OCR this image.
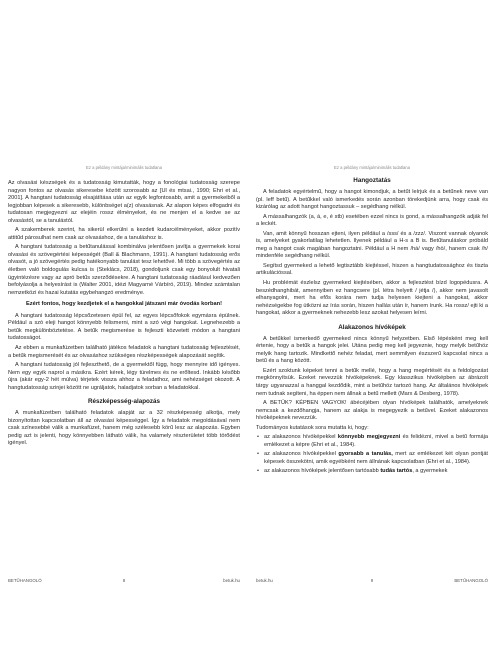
Ez a példány mintája/minimális tudatlana

Az olvasási készségek és a tudatosság kimutatták, hogy a fonológiai tudatosság szerepe nagyon fontos az olvasás sikeresebe között szorosabb az [Ul és mtsai., 1990; Ehri et al., 2001]. A hangtani tudatosság elsajátítása után az egyik legfontosabb, amit a gyermekeiből a legjobban képesek a sikeresebb, különbséget a(z) olvasásnak. Az alapon képes elfogadni és tudatosan megjegyezni az elejéin rossz élményeket, és ne menjen el a kedve se az olvasástól, se a tanulástól.

A szakemberek szerint, ha sikerül elkerülni a kezdeti kudarcélményeket, akkor pozitív attitűd párosulhat nem csak az olvasáshoz, de a tanuláshoz is.

A hangtani tudatosság a betűtanulással kombinálva jelentősen javítja a gyermekek korai olvasási és szövegértési képességét (Ball & Blachmann, 1991). A hangtani tudatosság erős olvasót, a jó szövegértés pedig hatékonyabb tanulást tesz lehetővé. Mi több a szövegértés az életben való boldogulás kulcsa is (Steklács, 2018), gondoljunk csak egy bonyolult hivatali ügyintézésre vagy az apró betűs szerződésekre. A hangtani tudatosság ráadásul kedvezően befolyásolja a helyesírást is (Walter 2001, idézi Magyarné Várbíró, 2019). Mindez számtalan nemzetközi és hazai kutatás egybehangzó eredménye.

Ezért fontos, hogy kezdjetek el a hangokkal játszani már óvodás korban!

A hangtani tudatosság lépcsőzetesen épül fel, az egyes lépcsőfokok egymásra épülnek. Például a szó eleji hangot könnyebb felismerni, mint a szó végi hangokat. Legnehezebb a betűk megkülönböztetése. A betűk megismerése is fejleszti közvetett módon a hangtani tudatosságot.

Az ebben a munkafüzetben található játékos feladatok a hangtani tudatosság fejlesztését, a betűk megismerését és az olvasáshoz szükséges részképességek alapozását segítik.

A hangtani tudatosság jól fejleszthető, de a gyermektől függ, hogy mennyire idő igényes. Nem egy egyik naprol a másikra. Ezért kérek, légy türelmes és ne erőltesd. Inkább később újra (akár egy-2 hét múlva) térjetek vissza ahhoz a feladathoz, ami nehézséget okozott. A hangtudatosság szinjei között ne ugráljatok, haladjatok sorban a feladatokkal.

Részképesség-alapozás

A munkafüzetben található feladatok alapját az a 32 részképesség alkotja, mely bizonyítottan kapcsolatban áll az olvasási képességgel. Így a feladatok megoldásával nem csak színesebbé válik a munkafüzet, hanem még szélesebb körű lesz az alapozás. Egyben pedig azt is jelenti, hogy könnyebben látható válik, ha valamely részterületet több törődést igényel.

BETŰHANGOLÓ	8	betuk.hu
Ez a példány mintája/minimális tudatlana
Hangoztatás

A feladatok egyértelmű, hogy a hangot kimondjuk, a betűt leírjuk és a betűnek neve van (pl. leff betű). A betűkkel való ismerkedés során azonban törekedjünk arra, hogy csak és kizárólag az adott hangot hangoztassuk – segédhang nélkül.

A mássalhangzók (a, á, e, é stb) esetében ezzel nincs is gond, a mássalhangzók adják fel a leckét.

Van, amit könnyű hosszan ejteni, ilyen például a /sss/ és a /zzz/. Viszont vannak olyanok is, amelyeket gyakorlatilag lehetetlen. Ilyenek például a H-s a B is. Betűtanuláskor próbáld meg a hangot csak magában hangoztatni. Például a H nem /há/ vagy /hö/, hanem csak /h/ mindenféle segédhang nélkül.

Segítsd gyermeked a lehető legtisztább kiejtéssel, hiszen a hangtudatossághoz és tiszta artikulációssal.

Hu problémát észlelsz gyermeked kiejtésében, akkor a fejlesztést bízd logopédusra. A beszédhanghibát, amennyiben ez hangcsere (pl. létra helyett / jétja /), akkor nem javasolt elhanyagolni, mert ha efős korára nem tudja helyesen kiejteni a hangokat, akkor nehézségekbe fog ütközni az írás során, hiszen hallás után ír, hanem írunk. Ha rossz/ ejti ki a hangokat, akkor a gyermeknek nehezebb lesz azokat helyesen leírni.

Alakazonos hívóképek

A betűkkel ismerkedő gyermeked nincs könnyű helyzetben. Első lépésként meg kell értenie, hogy a betűk a hangok jelei. Utána pedig meg kell jegyeznie, hogy melyik betűhöz melyik hang tartozik. Mindkettő nehéz feladat, mert semmilyen észszerű kapcsolat nincs a betű és a hang között.

Ezért szoktunk képeket tenni a betűk mellé, hogy a hang megértését és a feldolgozást megkönnyítsük. Ezeket nevezzük hívóképeknek. Egy klasszikus hívóképben az ábrázolt tárgy ugyanazzal a hanggal kezdődik, mint a betűhöz tartozó hang. Az általános hívóképek nem tudnak segíteni, ha éppen nem állnak a betű mellett (Marx & Desberg, 1978).

A BETŰK? KÉPBEN VAGYOK! ábécéjében olyan hívóképek találhatók, amelyeknek nemcsak a kezdőhangja, hanem az alakja is megegyezik a betűvel. Ezeket alakazonos hívóképeknek nevezzük.

Tudományos kutatások sora mutatta ki, hogy:

• az alakazonos hívóképekkel könnyebb megjegyezni és felidézni, mivel a betű formája emlékezet a képre (Ehri et al., 1984).
• az alakazonos hívóképekkel gyorsabb a tanulás, mert az emlékezet két olyan pontját képesek összekötni, amik egyébként nem állnának kapcsolatban (Ehri et al., 1984).
• az alakazonos hívóképek jelentősen tartósabb tudás tartós, a gyermekek
betuk.hu	9	BETŰHANGOLÓ
